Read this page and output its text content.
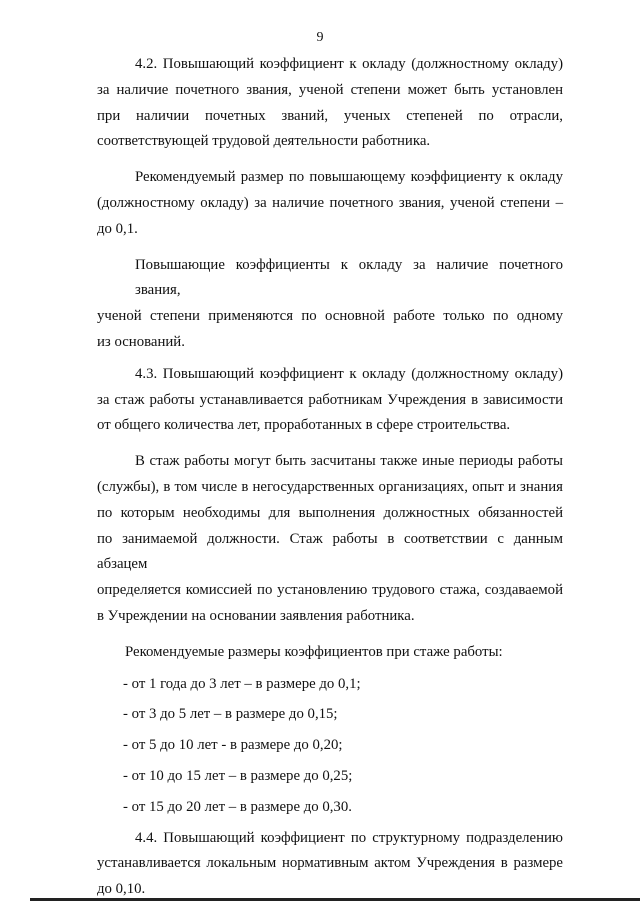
9
4.2. Повышающий коэффициент к окладу (должностному окладу)
за наличие почетного звания, ученой степени может быть установлен
при наличии почетных званий, ученых степеней по отрасли,
соответствующей трудовой деятельности работника.
Рекомендуемый размер по повышающему коэффициенту к окладу
(должностному окладу) за наличие почетного звания, ученой степени –
до 0,1.
Повышающие коэффициенты к окладу за наличие почетного звания,
ученой степени применяются по основной работе только по одному
из оснований.
4.3. Повышающий коэффициент к окладу (должностному окладу)
за стаж работы устанавливается работникам Учреждения в зависимости
от общего количества лет, проработанных в сфере строительства.
В стаж работы могут быть засчитаны также иные периоды работы
(службы), в том числе в негосударственных организациях, опыт и знания
по которым необходимы для выполнения должностных обязанностей
по занимаемой должности. Стаж работы в соответствии с данным абзацем
определяется комиссией по установлению трудового стажа, создаваемой
в Учреждении на основании заявления работника.
Рекомендуемые размеры коэффициентов при стаже работы:
- от 1 года до 3 лет – в размере до 0,1;
- от 3 до 5 лет – в размере до 0,15;
- от 5 до 10 лет - в размере до 0,20;
- от 10 до 15 лет – в размере до 0,25;
- от 15 до 20 лет – в размере до 0,30.
4.4. Повышающий коэффициент по структурному подразделению
устанавливается локальным нормативным актом Учреждения в размере
до 0,10.
